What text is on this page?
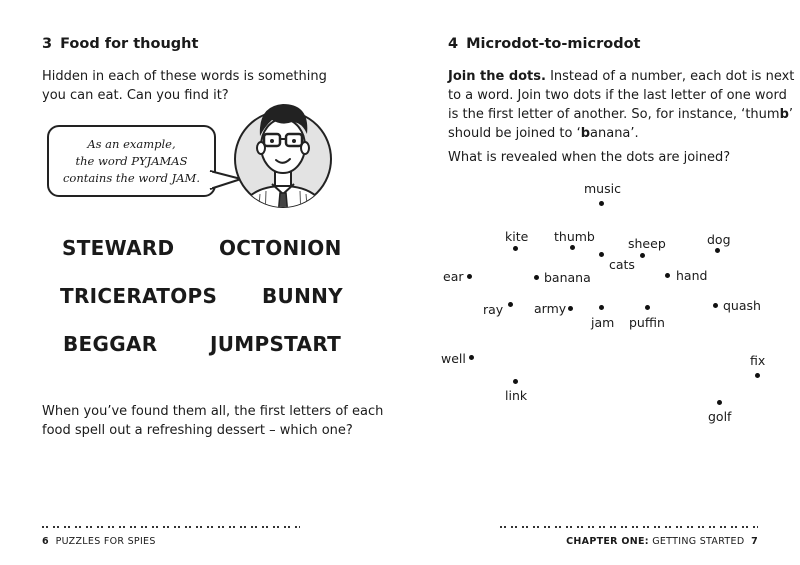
3 Food for thought
Hidden in each of these words is something
you can eat. Can you find it?
As an example,
the word PYJAMAS
contains the word JAM.
STEWARD OCTONION
TRICERATOPS BUNNY
BEGGAR	JUMPSTART
When you’ve found them all, the first letters of each
food spell out a refreshing dessert – which one?
6 PUZZLES FOR SPIES
4 Microdot-to-microdot
Join the dots. Instead of a number, each dot is next
to a word. Join two dots if the last letter of one word
is the first letter of another. So, for instance, ‘thumb’
should be joined to ‘banana’.
What is revealed when the dots are joined?
music
kite thumb	sheep	dog
cats
ear	banana	hand
ray army
jam puffin
quash
well	fix
link
golf
CHAPTER ONE: GETTING STARTED 7
